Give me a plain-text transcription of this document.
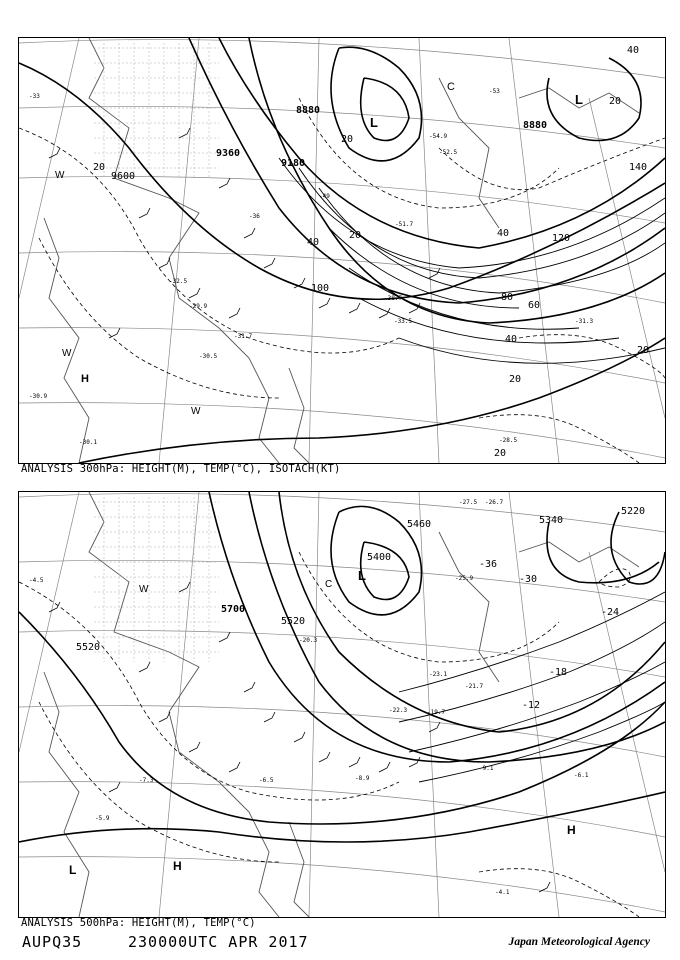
9360
9180
8880
8880
9600
20
20
20
40
40
60
80
100
120
140
20
40
20
20
40
20
L
L
H
W
W
W
C
-33
-30.5
-29.9
-30.9
-31.7
-33.5
-38.7
-52.5
-54.9
-51.7
-31.3
-28.5
-30.1
-32.5
-36
-49
-53
ANALYSIS 300hPa: HEIGHT(M), TEMP(°C), ISOTACH(KT)
5700
5520
5460	5340
5220
5520
5400
-24
-18
-12
-30
-36
L
L	H
H
W	C
-4.5
-6.5	-8.9
-9.1
-6.1
-4.1
-25.9
-26.7
-27.5
-23.1
-21.7
-19.7
-20.3
-22.3
-5.9
-7.3
ANALYSIS 500hPa: HEIGHT(M), TEMP(°C)
AUPQ35	230000UTC APR 2017	Japan Meteorological Agency
